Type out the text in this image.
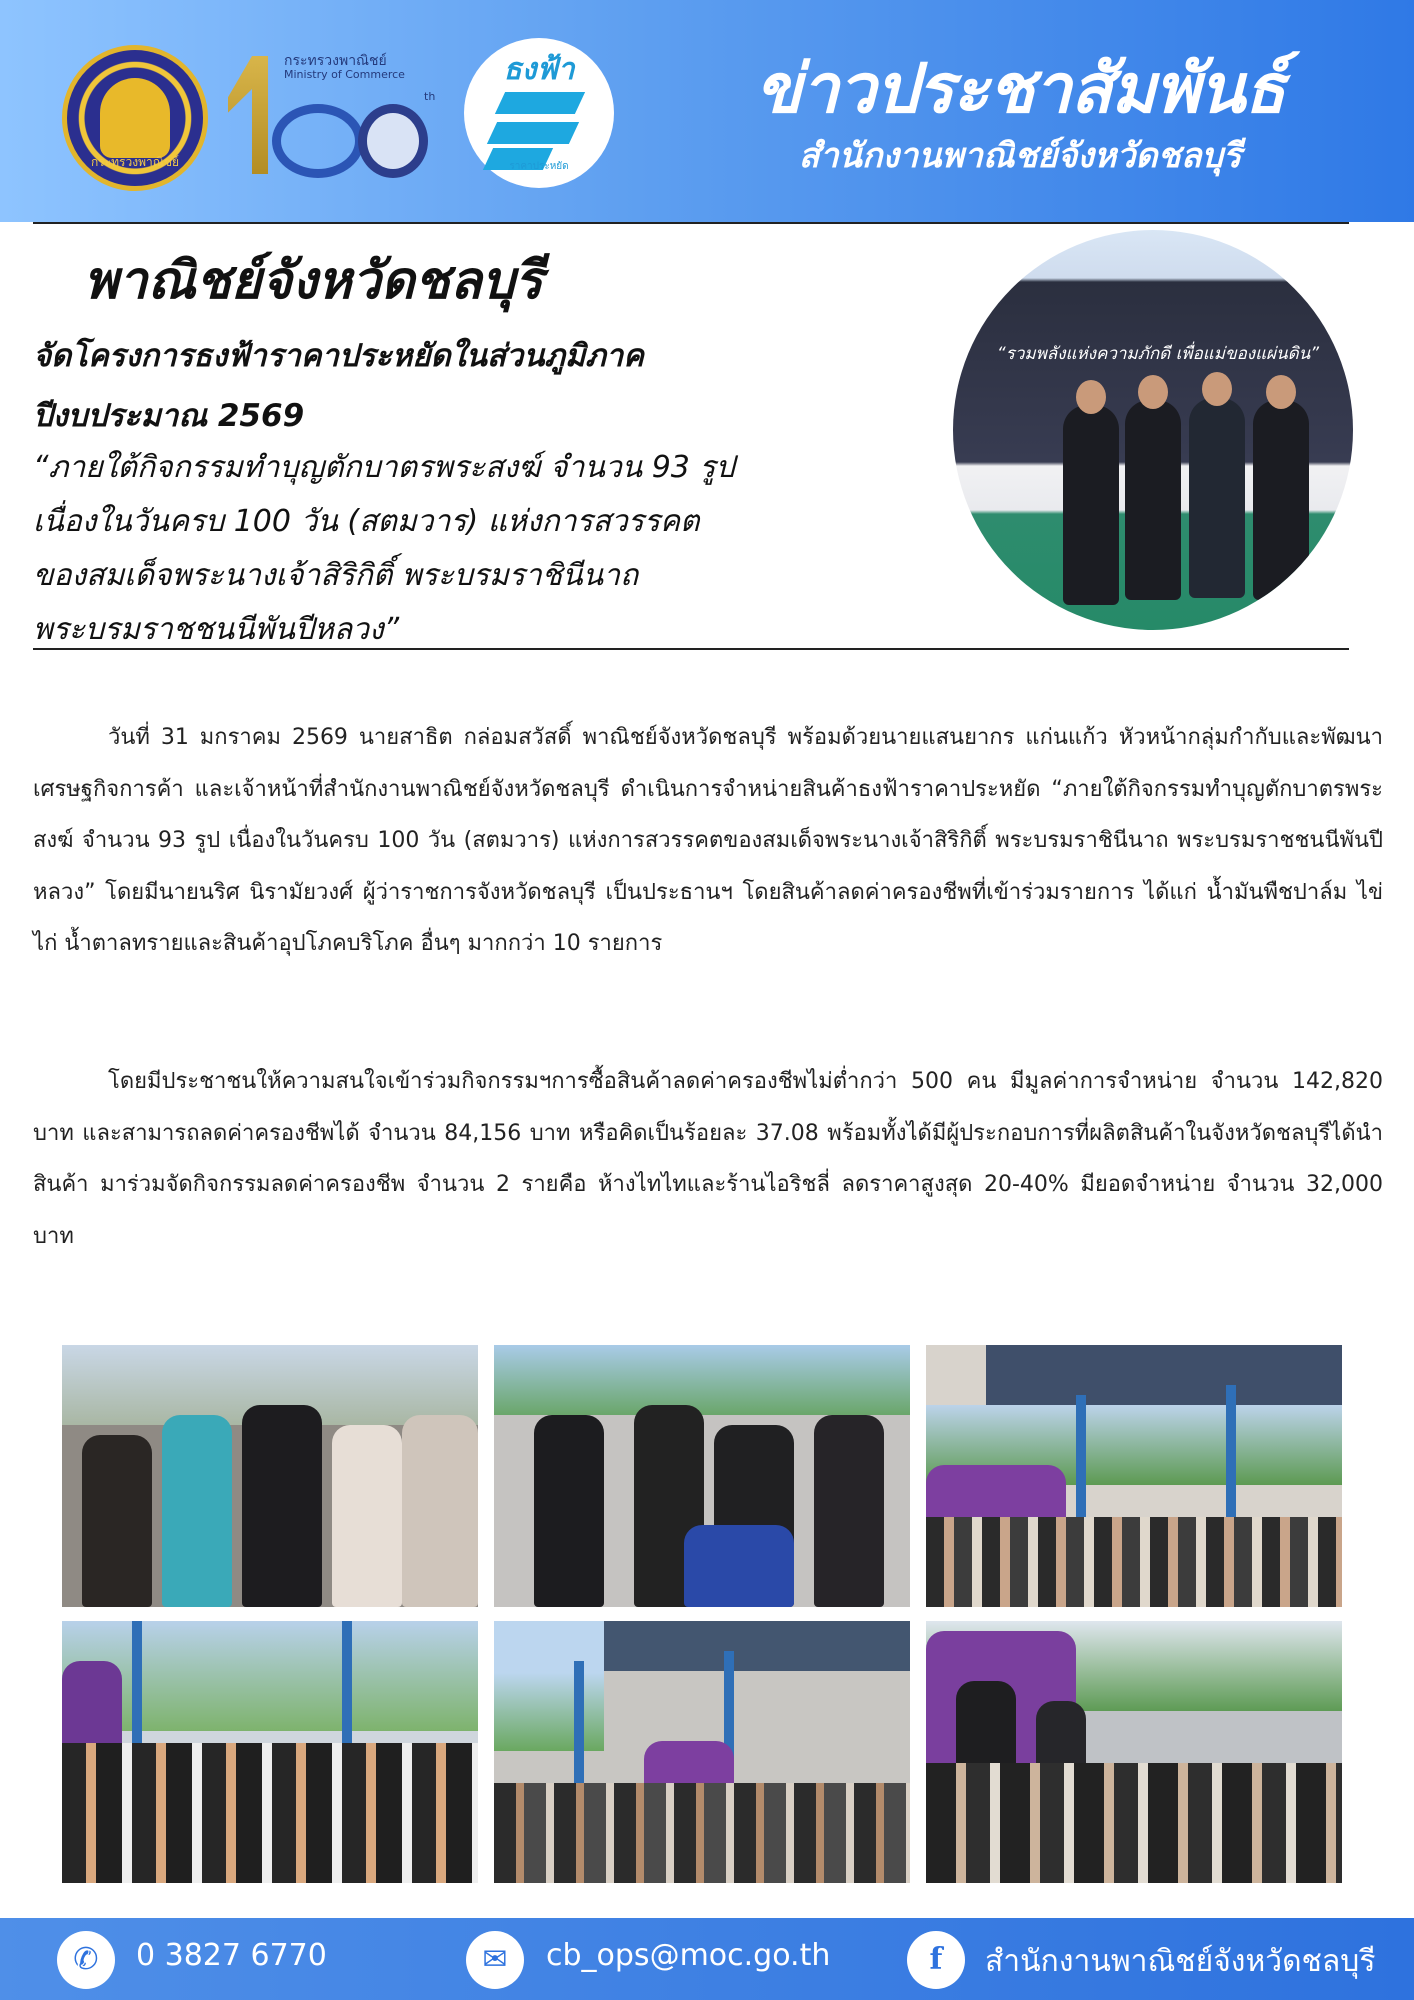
กระทรวงพาณิชย์
กระทรวงพาณิชย์
Ministry of Commerce
th
ธงฟ้า
ราคาประหยัด
ข่าวประชาสัมพันธ์
สำนักงานพาณิชย์จังหวัดชลบุรี
พาณิชย์จังหวัดชลบุรี
จัดโครงการธงฟ้าราคาประหยัดในส่วนภูมิภาค
ปีงบประมาณ 2569
“ภายใต้กิจกรรมทำบุญตักบาตรพระสงฆ์ จำนวน 93 รูป
เนื่องในวันครบ 100 วัน (สตมวาร) แห่งการสวรรคต
ของสมเด็จพระนางเจ้าสิริกิติ์ พระบรมราชินีนาถ
พระบรมราชชนนีพันปีหลวง”
“รวมพลังแห่งความภักดี เพื่อแม่ของแผ่นดิน”
วันที่ 31 มกราคม 2569 นายสาธิต กล่อมสวัสดิ์ พาณิชย์จังหวัดชลบุรี พร้อมด้วยนายแสนยากร แก่นแก้ว หัวหน้ากลุ่มกำกับและพัฒนาเศรษฐกิจการค้า และเจ้าหน้าที่สำนักงานพาณิชย์จังหวัดชลบุรี ดำเนินการจำหน่ายสินค้าธงฟ้าราคาประหยัด “ภายใต้กิจกรรมทำบุญตักบาตรพระสงฆ์ จำนวน 93 รูป เนื่องในวันครบ 100 วัน (สตมวาร) แห่งการสวรรคตของสมเด็จพระนางเจ้าสิริกิติ์ พระบรมราชินีนาถ พระบรมราชชนนีพันปีหลวง” โดยมีนายนริศ นิรามัยวงศ์ ผู้ว่าราชการจังหวัดชลบุรี เป็นประธานฯ โดยสินค้าลดค่าครองชีพที่เข้าร่วมรายการ ได้แก่ น้ำมันพืชปาล์ม ไข่ไก่ น้ำตาลทรายและสินค้าอุปโภคบริโภค อื่นๆ มากกว่า 10 รายการ
โดยมีประชาชนให้ความสนใจเข้าร่วมกิจกรรมฯการซื้อสินค้าลดค่าครองชีพไม่ต่ำกว่า 500 คน มีมูลค่าการจำหน่าย จำนวน 142,820 บาท และสามารถลดค่าครองชีพได้ จำนวน 84,156 บาท หรือคิดเป็นร้อยละ 37.08 พร้อมทั้งได้มีผู้ประกอบการที่ผลิตสินค้าในจังหวัดชลบุรีได้นำสินค้า มาร่วมจัดกิจกรรมลดค่าครองชีพ จำนวน 2 รายคือ ห้างไทไทและร้านไอริชลี่ ลดราคาสูงสุด 20-40% มียอดจำหน่าย จำนวน 32,000 บาท
✆	0 3827 6770	✉	cb_ops@moc.go.th	f	สำนักงานพาณิชย์จังหวัดชลบุรี
